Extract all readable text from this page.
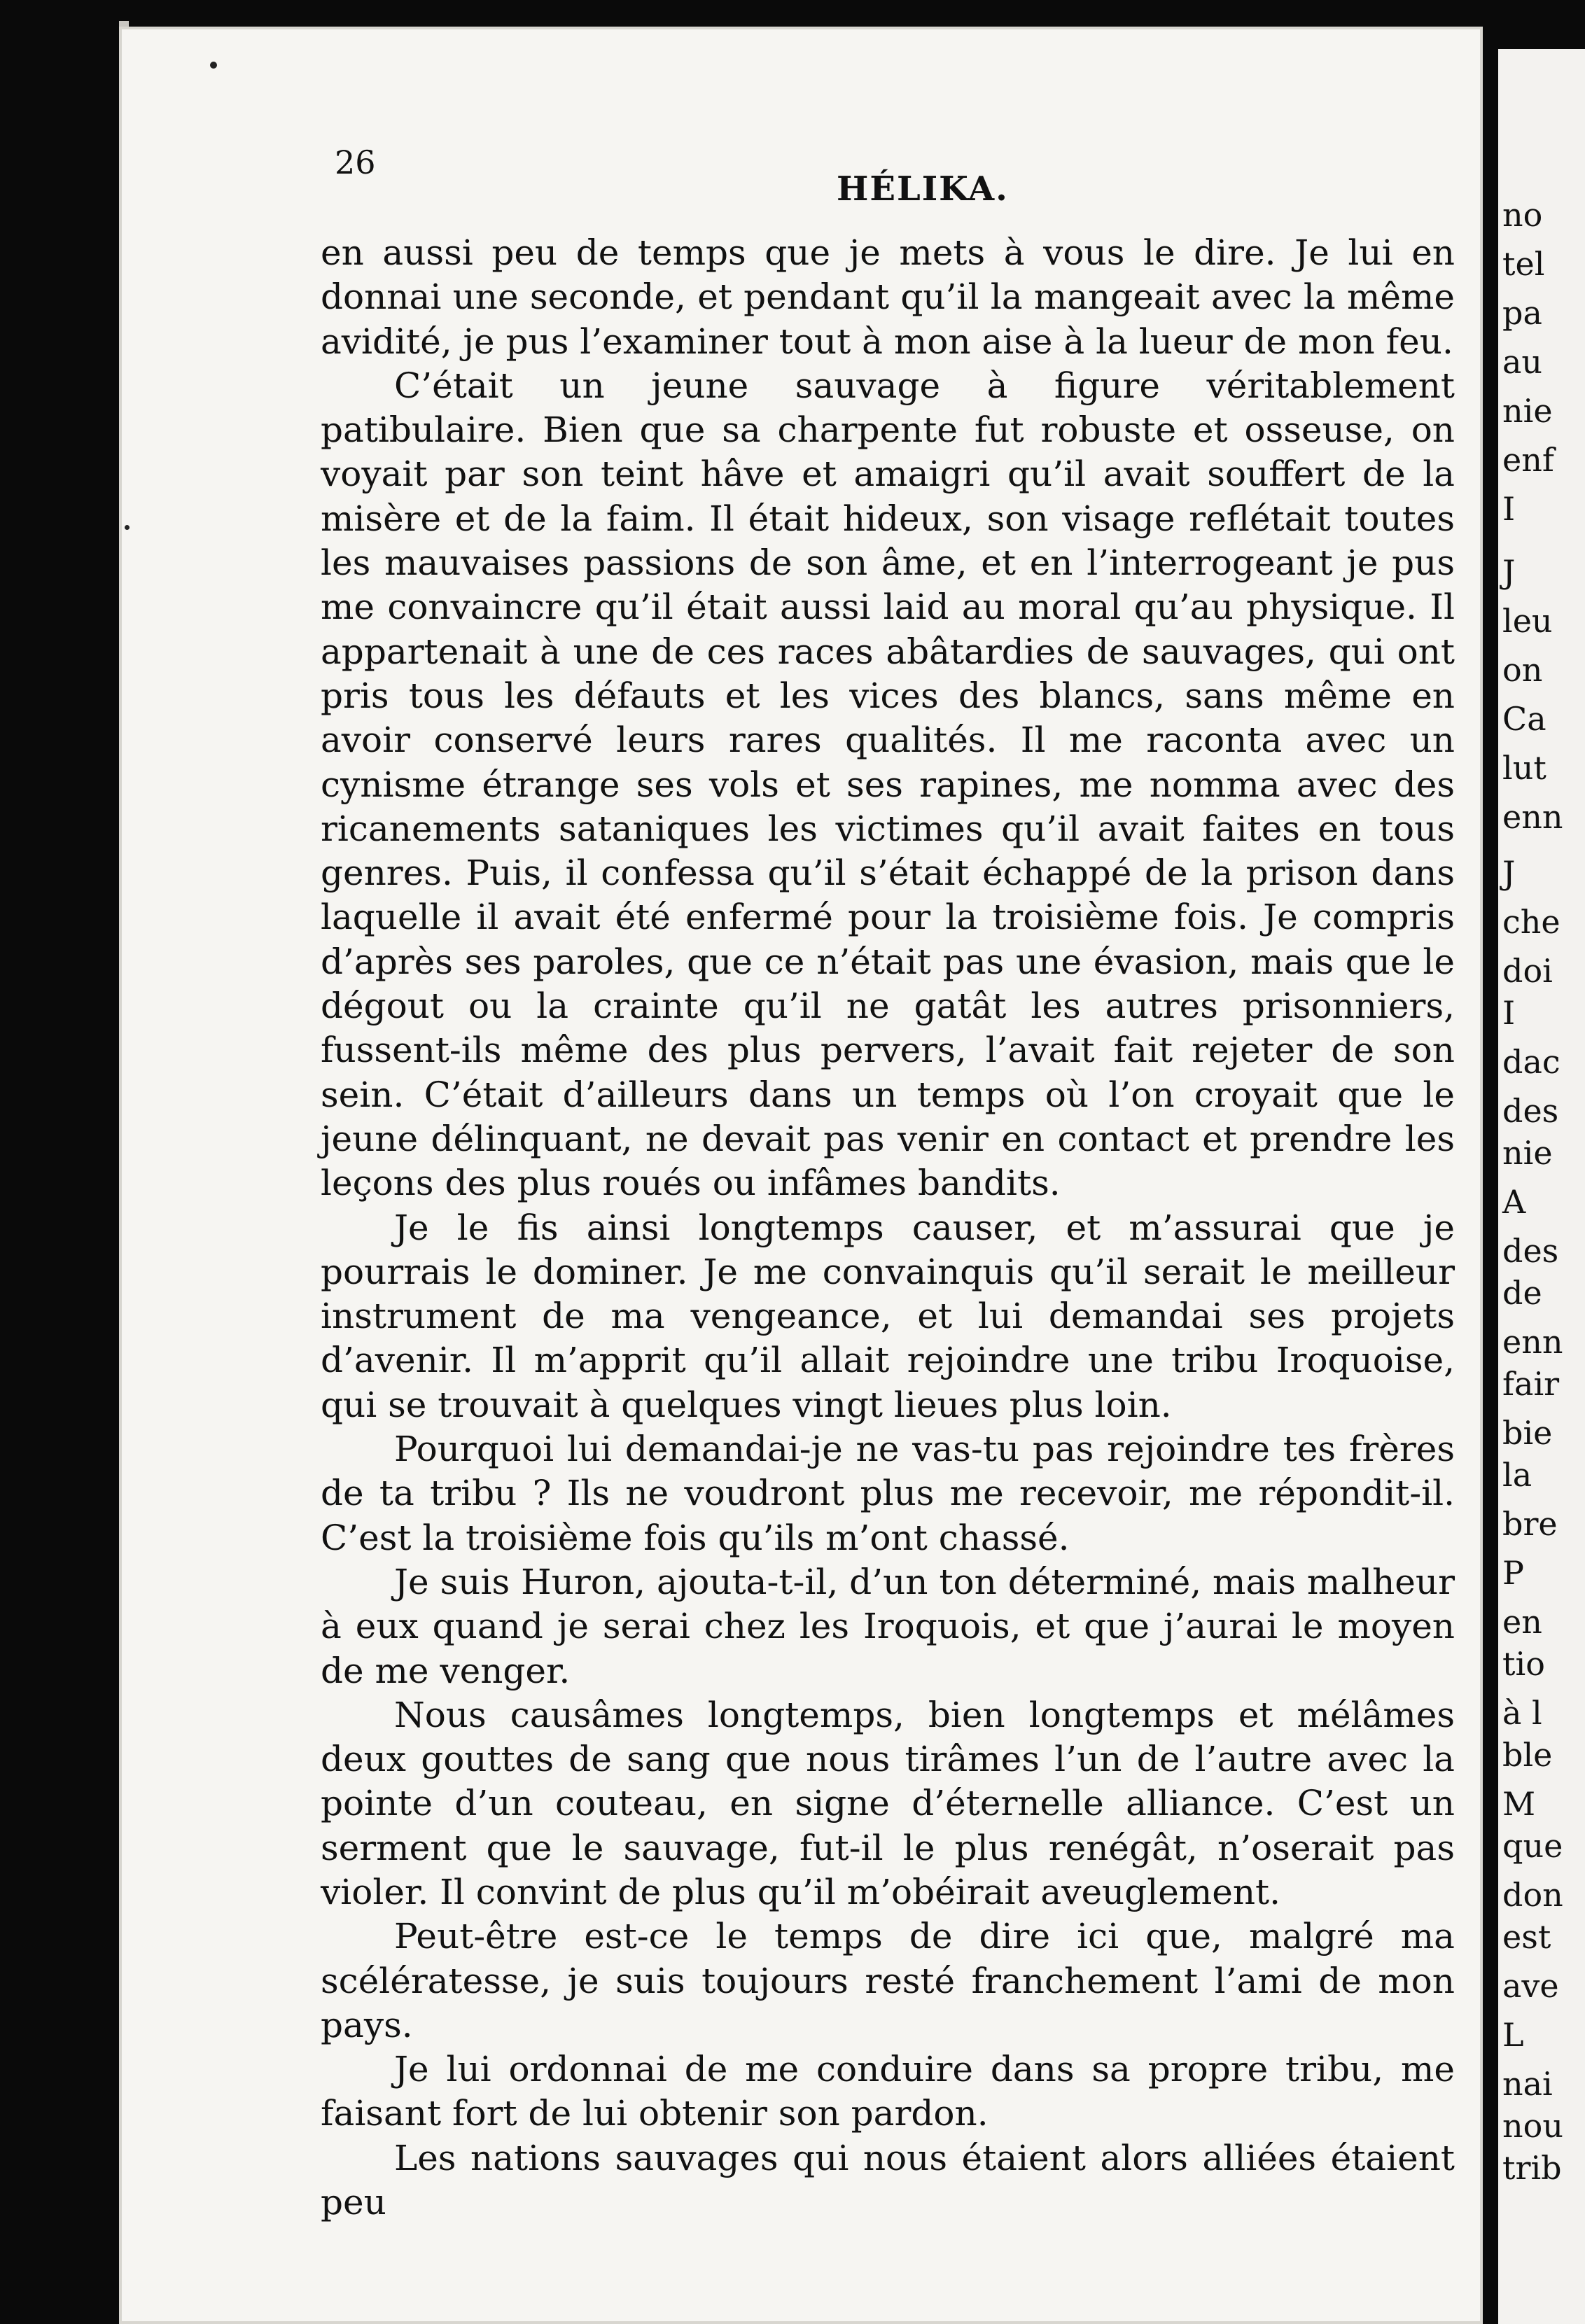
26
HÉLIKA.

en aussi peu de temps que je mets à vous le dire. Je lui en donnai une seconde, et pendant qu’il la mangeait avec la même avidité, je pus l’examiner tout à mon aise à la lueur de mon feu.

C’était un jeune sauvage à figure véritablement patibulaire. Bien que sa charpente fut robuste et osseuse, on voyait par son teint hâve et amaigri qu’il avait souffert de la misère et de la faim. Il était hideux, son visage reflétait toutes les mauvaises passions de son âme, et en l’interrogeant je pus me convaincre qu’il était aussi laid au moral qu’au physique. Il appartenait à une de ces races abâtardies de sauvages, qui ont pris tous les défauts et les vices des blancs, sans même en avoir conservé leurs rares qualités. Il me raconta avec un cynisme étrange ses vols et ses rapines, me nomma avec des ricanements sataniques les victimes qu’il avait faites en tous genres. Puis, il confessa qu’il s’était échappé de la prison dans laquelle il avait été enfermé pour la troisième fois. Je compris d’après ses paroles, que ce n’était pas une évasion, mais que le dégout ou la crainte qu’il ne gatât les autres prisonniers, fussent-ils même des plus pervers, l’avait fait rejeter de son sein. C’était d’ailleurs dans un temps où l’on croyait que le jeune délinquant, ne devait pas venir en contact et prendre les leçons des plus roués ou infâmes bandits.

Je le fis ainsi longtemps causer, et m’assurai que je pourrais le dominer. Je me convainquis qu’il serait le meilleur instrument de ma vengeance, et lui demandai ses projets d’avenir. Il m’apprit qu’il allait rejoindre une tribu Iroquoise, qui se trouvait à quelques vingt lieues plus loin.

Pourquoi lui demandai-je ne vas-tu pas rejoindre tes frères de ta tribu ? Ils ne voudront plus me recevoir, me répondit-il. C’est la troisième fois qu’ils m’ont chassé.

Je suis Huron, ajouta-t-il, d’un ton déterminé, mais malheur à eux quand je serai chez les Iroquois, et que j’aurai le moyen de me venger.

Nous causâmes longtemps, bien longtemps et mélâmes deux gouttes de sang que nous tirâmes l’un de l’autre avec la pointe d’un couteau, en signe d’éternelle alliance. C’est un serment que le sauvage, fut-il le plus renégât, n’oserait pas violer. Il convint de plus qu’il m’obéirait aveuglement.

Peut-être est-ce le temps de dire ici que, malgré ma scélératesse, je suis toujours resté franchement l’ami de mon pays.

Je lui ordonnai de me conduire dans sa propre tribu, me faisant fort de lui obtenir son pardon.

Les nations sauvages qui nous étaient alors alliées étaient peu

no
tel
pa
au
nie
enf
I
J
leu
on
Ca
lut
enn
J
che
doi
I
dac
des
nie
A
des
de
enn
fair
bie
la
bre
P
en
tio
à l
ble
M
que
don
est
ave
L
nai
nou
trib
